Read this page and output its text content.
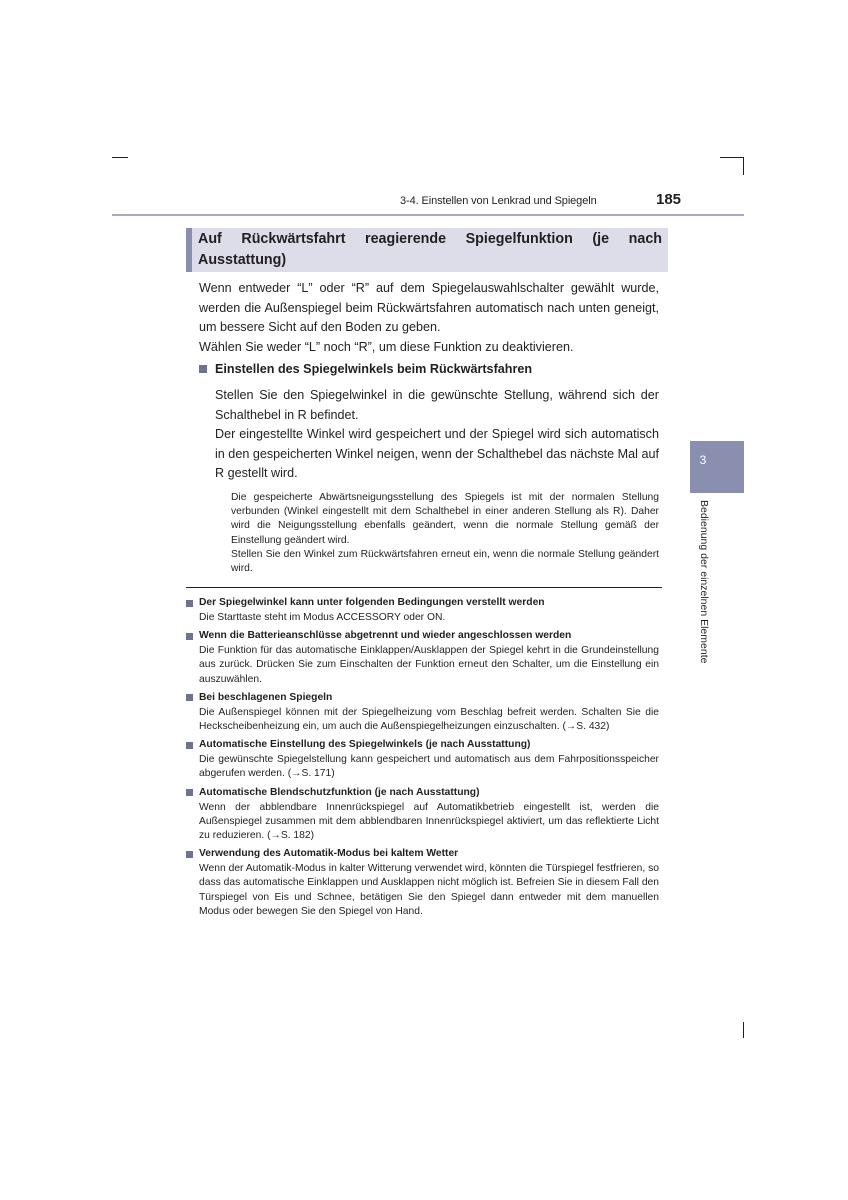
3-4. Einstellen von Lenkrad und Spiegeln	185
Auf Rückwärtsfahrt reagierende Spiegelfunktion (je nach Ausstattung)

Wenn entweder “L” oder “R” auf dem Spiegelauswahlschalter gewählt wurde, werden die Außenspiegel beim Rückwärtsfahren automatisch nach unten geneigt, um bessere Sicht auf den Boden zu geben.

Wählen Sie weder “L” noch “R”, um diese Funktion zu deaktivieren.

Einstellen des Spiegelwinkels beim Rückwärtsfahren

Stellen Sie den Spiegelwinkel in die gewünschte Stellung, während sich der Schalthebel in R befindet.

Der eingestellte Winkel wird gespeichert und der Spiegel wird sich automatisch in den gespeicherten Winkel neigen, wenn der Schalthebel das nächste Mal auf R gestellt wird.

Die gespeicherte Abwärtsneigungsstellung des Spiegels ist mit der normalen Stellung verbunden (Winkel eingestellt mit dem Schalthebel in einer anderen Stellung als R). Daher wird die Neigungsstellung ebenfalls geändert, wenn die normale Stellung gemäß der Einstellung geändert wird.

Stellen Sie den Winkel zum Rückwärtsfahren erneut ein, wenn die normale Stellung geändert wird.

Der Spiegelwinkel kann unter folgenden Bedingungen verstellt werden
Die Starttaste steht im Modus ACCESSORY oder ON.
Wenn die Batterieanschlüsse abgetrennt und wieder angeschlossen werden
Die Funktion für das automatische Einklappen/Ausklappen der Spiegel kehrt in die Grundeinstellung aus zurück. Drücken Sie zum Einschalten der Funktion erneut den Schalter, um die Einstellung ein auszuwählen.
Bei beschlagenen Spiegeln
Die Außenspiegel können mit der Spiegelheizung vom Beschlag befreit werden. Schalten Sie die Heckscheibenheizung ein, um auch die Außenspiegelheizungen einzuschalten. (→S. 432)
Automatische Einstellung des Spiegelwinkels (je nach Ausstattung)
Die gewünschte Spiegelstellung kann gespeichert und automatisch aus dem Fahrpositionsspeicher abgerufen werden. (→S. 171)
Automatische Blendschutzfunktion (je nach Ausstattung)
Wenn der abblendbare Innenrückspiegel auf Automatikbetrieb eingestellt ist, werden die Außenspiegel zusammen mit dem abblendbaren Innenrückspiegel aktiviert, um das reflektierte Licht zu reduzieren. (→S. 182)
Verwendung des Automatik-Modus bei kaltem Wetter
Wenn der Automatik-Modus in kalter Witterung verwendet wird, könnten die Türspiegel festfrieren, so dass das automatische Einklappen und Ausklappen nicht möglich ist. Befreien Sie in diesem Fall den Türspiegel von Eis und Schnee, betätigen Sie den Spiegel dann entweder mit dem manuellen Modus oder bewegen Sie den Spiegel von Hand.
3
Bedienung der einzelnen Elemente
